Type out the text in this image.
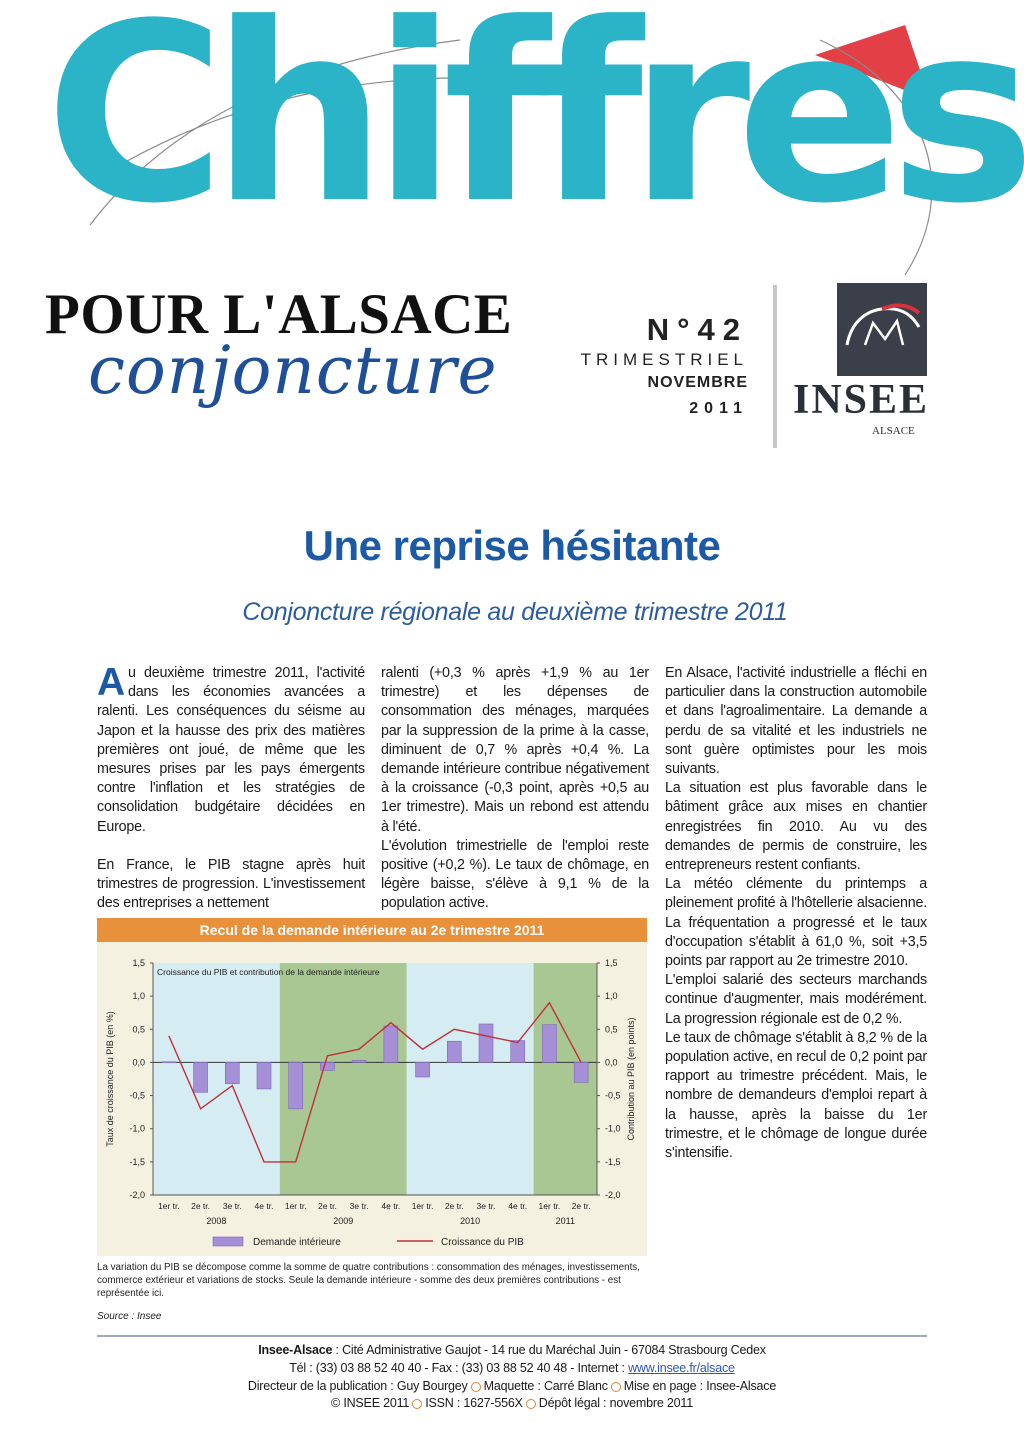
Chiffres
POUR L'ALSACE
conjoncture
N°42
TRIMESTRIEL
NOVEMBRE
2011 INSEE
ALSACE
Une reprise hésitante
Conjoncture régionale au deuxième trimestre 2011

Au deuxième trimestre 2011, l'activité dans les économies avancées a ralenti. Les conséquences du séisme au Japon et la hausse des prix des matières premières ont joué, de même que les mesures prises par les pays émergents contre l'inflation et les stratégies de consolidation budgétaire décidées en Europe.

En France, le PIB stagne après huit trimestres de progression. L'investissement des entreprises a nettement

ralenti (+0,3 % après +1,9 % au 1er trimestre) et les dépenses de consommation des ménages, marquées par la suppression de la prime à la casse, diminuent de 0,7 % après +0,4 %. La demande intérieure contribue négativement à la croissance (-0,3 point, après +0,5 au 1er trimestre). Mais un rebond est attendu à l'été.

L'évolution trimestrielle de l'emploi reste positive (+0,2 %). Le taux de chômage, en légère baisse, s'élève à 9,1 % de la population active.

En Alsace, l'activité industrielle a fléchi en particulier dans la construction automobile et dans l'agroalimentaire. La demande a perdu de sa vitalité et les industriels ne sont guère optimistes pour les mois suivants.

La situation est plus favorable dans le bâtiment grâce aux mises en chantier enregistrées fin 2010. Au vu des demandes de permis de construire, les entrepreneurs restent confiants.

La météo clémente du printemps a pleinement profité à l'hôtellerie alsacienne. La fréquentation a progressé et le taux d'occupation s'établit à 61,0 %, soit +3,5 points par rapport au 2e trimestre 2010.

L'emploi salarié des secteurs marchands continue d'augmenter, mais modérément. La progression régionale est de 0,2 %.

Le taux de chômage s'établit à 8,2 % de la population active, en recul de 0,2 point par rapport au trimestre précédent. Mais, le nombre de demandeurs d'emploi repart à la hausse, après la baisse du 1er trimestre, et le chômage de longue durée s'intensifie.

1,5	1,5
1,0	1,0
0,5	0,5
0,0	0,0
-0,5	-0,5
-1,0	-1,0
-1,5	-1,5
-2,0	-2,0
1er tr. 2e tr. 3e tr. 4e tr. 1er tr. 2e tr. 3e tr. 4e tr. 1er tr. 2e tr. 3e tr. 4e tr. 1er tr. 2e tr.
2008	2009	2010	2011
Croissance du PIB et contribution de la demande intérieure
Taux de croissance du PIB (en %)	Contribution au PIB (en points)
Demande intérieure	Croissance du PIB
Recul de la demande intérieure au 2e trimestre 2011
La variation du PIB se décompose comme la somme de quatre contributions : consommation des ménages, investissements, commerce extérieur et variations de stocks. Seule la demande intérieure - somme des deux premières contributions - est représentée ici.
Source : Insee
Insee-Alsace : Cité Administrative Gaujot - 14 rue du Maréchal Juin - 67084 Strasbourg Cedex
Tél : (33) 03 88 52 40 40 - Fax : (33) 03 88 52 40 48 - Internet : www.insee.fr/alsace
Directeur de la publication : Guy Bourgey Maquette : Carré Blanc Mise en page : Insee-Alsace
© INSEE 2011 ISSN : 1627-556X Dépôt légal : novembre 2011
